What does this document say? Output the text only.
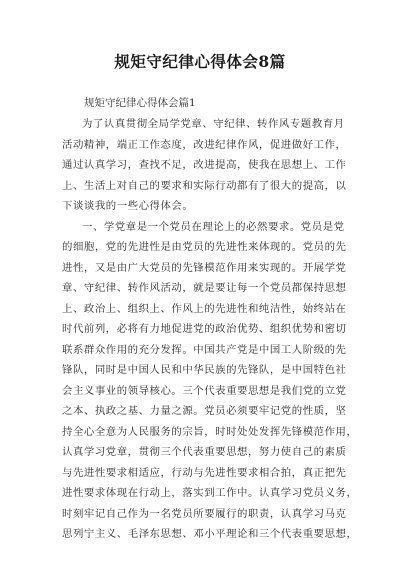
规矩守纪律心得体会8篇
规矩守纪律心得体会篇1
为了认真贯彻全局学党章、守纪律、转作风专题教育月
活动精神，端正工作态度，改进纪律作风，促进做好工作，
通过认真学习，查找不足，改进提高，使我在思想上、工作
上、生活上对自己的要求和实际行动都有了很大的提高，以
下谈谈我的一些心得体会。
一、学党章是一个党员在理论上的必然要求。党员是党
的细胞，党的先进性是由党员的先进性来体现的。党员的先
进性，又是由广大党员的先锋模范作用来实现的。开展学党
章、守纪律、转作风活动，就是要让每一个党员都保持思想
上、政治上、组织上、作风上的先进性和纯洁性，始终站在
时代前列，必将有力地促进党的政治优势、组织优势和密切
联系群众作用的充分发挥。中国共产党是中国工人阶级的先
锋队，同时是中国人民和中华民族的先锋队，是中国特色社
会主义事业的领导核心。三个代表重要思想是我们党的立党
之本、执政之基、力量之源。党员必须要牢记党的性质，坚
持全心全意为人民服务的宗旨，时时处处发挥先锋模范作用，
认真学习党章，贯彻三个代表重要思想，努力使自己的素质
与先进性要求相适应，行动与先进性要求相合拍，真正把先
进性要求体现在行动上，落实到工作中。认真学习党员义务，
时刻牢记自己作为一名党员所要履行的职责，认真学习马克
思列宁主义、毛泽东思想、邓小平理论和三个代表重要思想，
